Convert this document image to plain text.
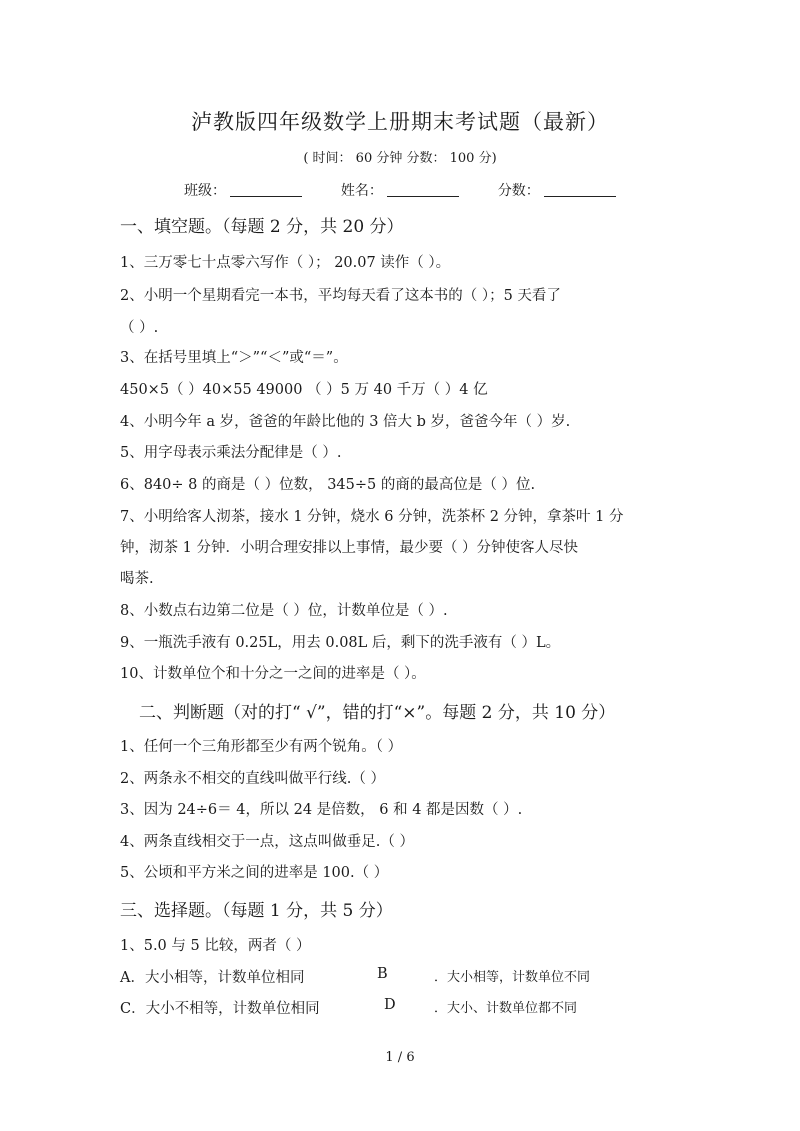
泸教版四年级数学上册期末考试题（最新）
( 时间： 60 分钟 分数： 100 分)
班级：	姓名：	分数：
一、填空题。（每题 2 分，共 20 分）
1、三万零七十点零六写作（ ）； 20.07 读作（ ）。
2、小明一个星期看完一本书，平均每天看了这本书的（ ）；5 天看了
（ ）.
3、在括号里填上“＞”“＜”或“＝”。
450×5（ ）40×55 49000 （ ）5 万 40 千万（ ）4 亿
4、小明今年 a 岁，爸爸的年龄比他的 3 倍大 b 岁，爸爸今年（ ）岁.
5、用字母表示乘法分配律是（ ）.
6、840÷ 8 的商是（ ）位数， 345÷5 的商的最高位是（ ）位.
7、小明给客人沏茶，接水 1 分钟，烧水 6 分钟，洗茶杯 2 分钟，拿茶叶 1 分
钟，沏茶 1 分钟．小明合理安排以上事情，最少要（ ）分钟使客人尽快
喝茶.
8、小数点右边第二位是（ ）位，计数单位是（ ）.
9、一瓶洗手液有 0.25L，用去 0.08L 后，剩下的洗手液有（ ）L。
10、计数单位个和十分之一之间的进率是（ ）。
二、判断题（对的打“ √”，错的打“×”。每题 2 分，共 10 分）
1、任何一个三角形都至少有两个锐角。（ ）
2、两条永不相交的直线叫做平行线.（ ）
3、因为 24÷6＝ 4，所以 24 是倍数， 6 和 4 都是因数（ ）.
4、两条直线相交于一点，这点叫做垂足.（ ）
5、公顷和平方米之间的进率是 100.（ ）
三、选择题。（每题 1 分，共 5 分）
1、5.0 与 5 比较，两者（ ）
A．大小相等，计数单位相同	B	．大小相等，计数单位不同
C．大小不相等，计数单位相同	D	．大小、计数单位都不同
1 / 6
